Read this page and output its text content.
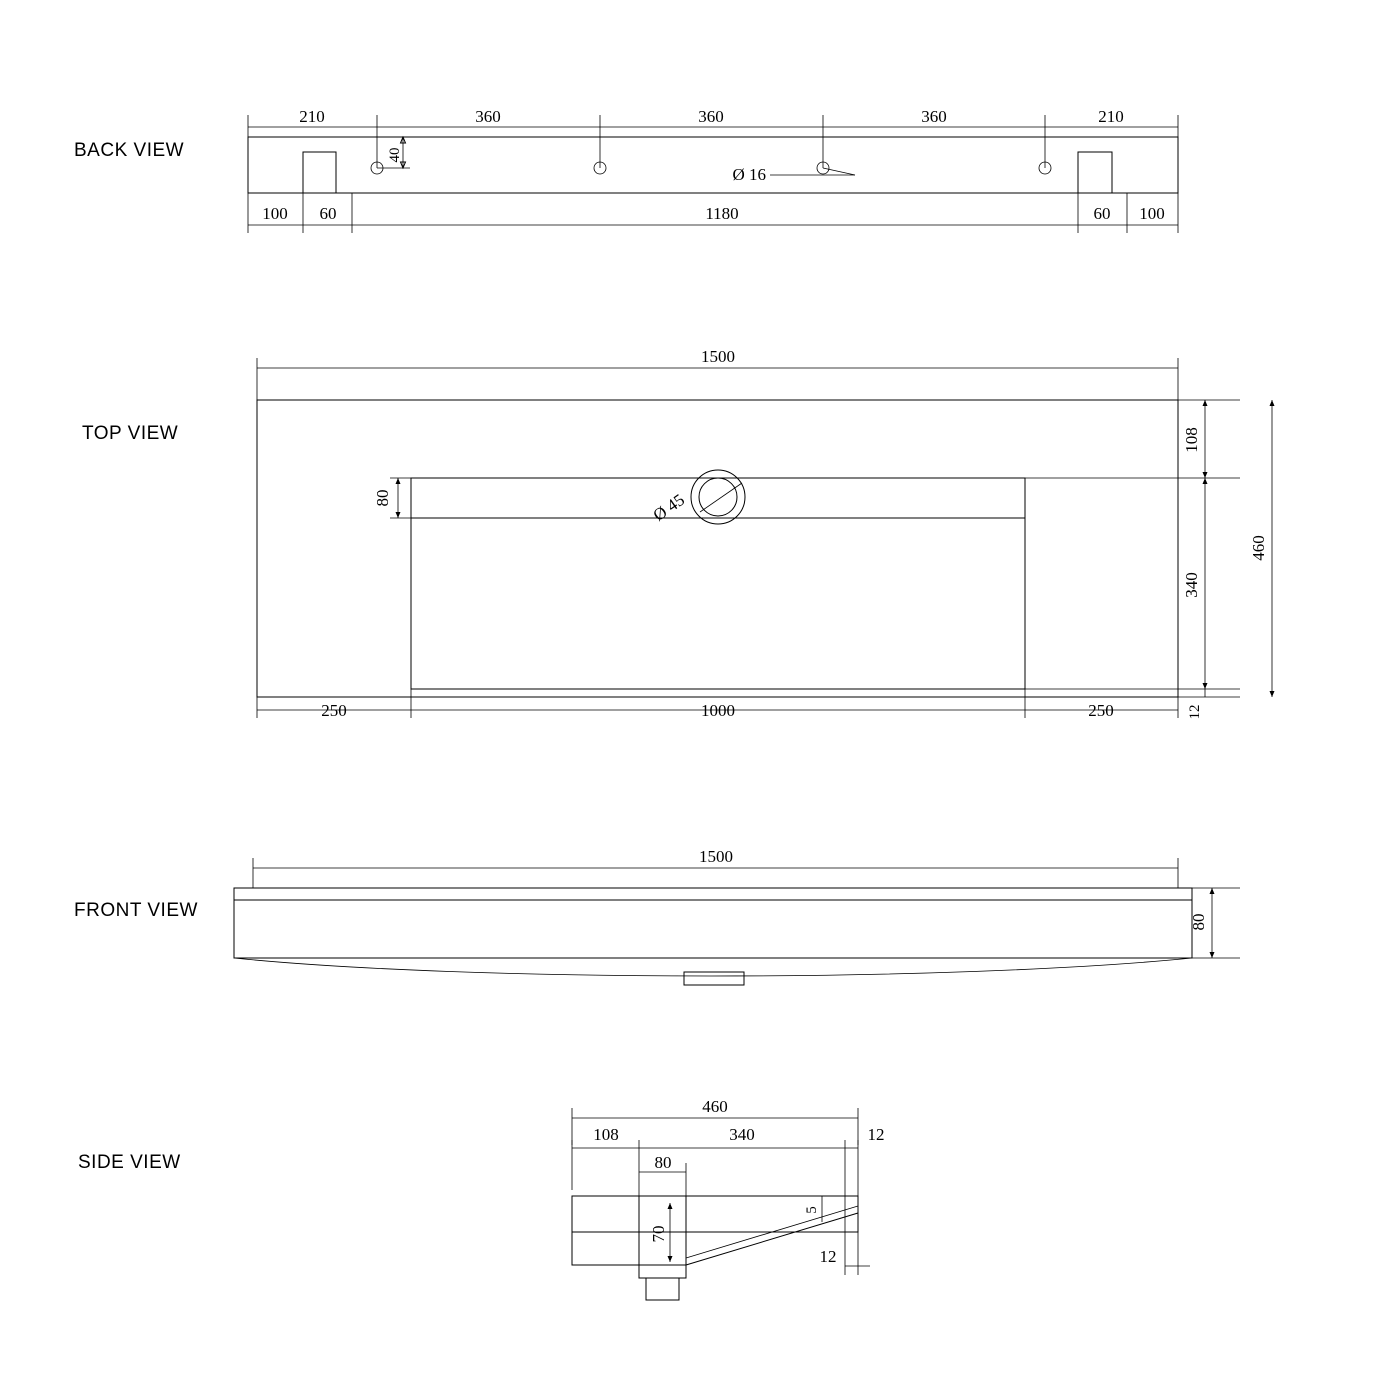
BACK VIEW
TOP VIEW
FRONT VIEW
SIDE VIEW
Ø 16
40
210	360	360	360	210
100 60	1180	60 100
Ø 45
1500
80
108
340
12
460
250	1000	250
1500
80
460
108	340	12
80
70
5
12
